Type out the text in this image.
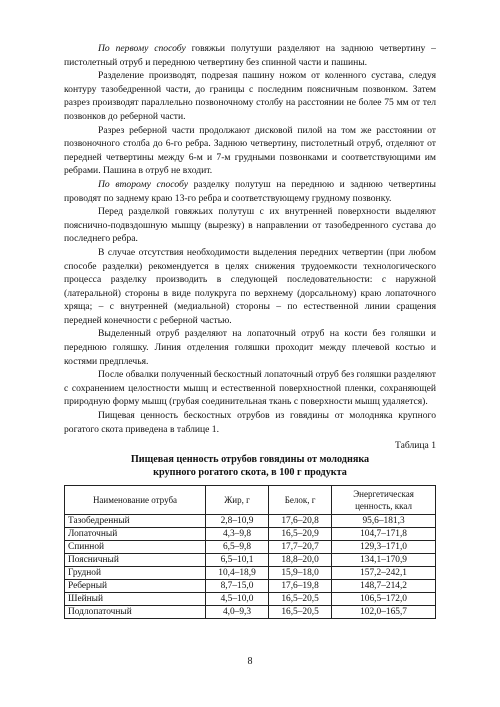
По первому способу говяжьи полутуши разделяют на заднюю четвертину – пистолетный отруб и переднюю четвертину без спинной части и пашины.

Разделение производят, подрезая пашину ножом от коленного сустава, следуя контуру тазобедренной части, до границы с последним поясничным позвонком. Затем разрез производят параллельно позвоночному столбу на расстоянии не более 75 мм от тел позвонков до реберной части.

Разрез реберной части продолжают дисковой пилой на том же расстоянии от позвоночного столба до 6-го ребра. Заднюю четвертину, пистолетный отруб, отделяют от передней четвертины между 6-м и 7-м грудными позвонками и соответствующими им ребрами. Пашина в отруб не входит.

По второму способу разделку полутуш на переднюю и заднюю четвертины проводят по заднему краю 13-го ребра и соответствующему грудному позвонку.

Перед разделкой говяжьих полутуш с их внутренней поверхности выделяют пояснично-подвздошную мышцу (вырезку) в направлении от тазобедренного сустава до последнего ребра.

В случае отсутствия необходимости выделения передних четвертин (при любом способе разделки) рекомендуется в целях снижения трудоемкости технологического процесса разделку производить в следующей последовательности: с наружной (латеральной) стороны в виде полукруга по верхнему (дорсальному) краю лопаточного хряща; – с внутренней (медиальной) стороны – по естественной линии сращения передней конечности с реберной частью.

Выделенный отруб разделяют на лопаточный отруб на кости без голяшки и переднюю голяшку. Линия отделения голяшки проходит между плечевой костью и костями предплечья.

После обвалки полученный бескостный лопаточный отруб без голяшки разделяют с сохранением целостности мышц и естественной поверхностной пленки, сохраняющей природную форму мышц (грубая соединительная ткань с поверхности мышц удаляется).

Пищевая ценность бескостных отрубов из говядины от молодняка крупного рогатого скота приведена в таблице 1.

Таблица 1

Пищевая ценность отрубов говядины от молодняка
крупного рогатого скота, в 100 г продукта
Наименование отруба	Жир, г	Белок, г	Энергетическая ценность, ккал
Тазобедренный	2,8–10,9	17,6–20,8	95,6–181,3
Лопаточный	4,3–9,8	16,5–20,9	104,7–171,8
Спинной	6,5–9,8	17,7–20,7	129,3–171,0
Поясничный	6,5–10,1	18,8–20,0	134,1–170,9
Грудной	10,4–18,9	15,9–18,0	157,2–242,1
Реберный	8,7–15,0	17,6–19,8	148,7–214,2
Шейный	4,5–10,0	16,5–20,5	106,5–172,0
Подлопаточный	4,0–9,3	16,5–20,5	102,0–165,7
8
